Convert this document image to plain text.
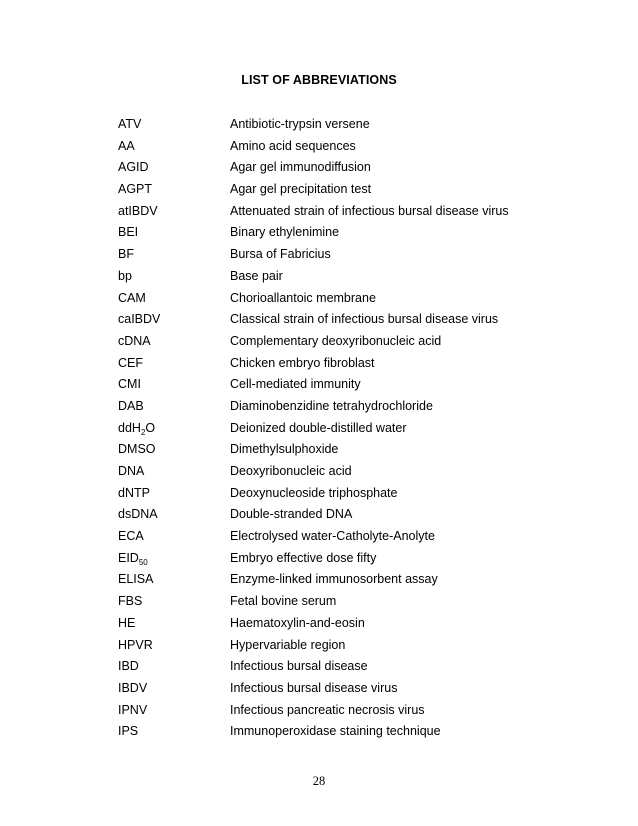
LIST OF ABBREVIATIONS
ATV	Antibiotic-trypsin versene
AA	Amino acid sequences
AGID	Agar gel immunodiffusion
AGPT	Agar gel precipitation test
atIBDV	Attenuated strain of infectious bursal disease virus
BEI	Binary ethylenimine
BF	Bursa of Fabricius
bp	Base pair
CAM	Chorioallantoic membrane
caIBDV	Classical strain of infectious bursal disease virus
cDNA	Complementary deoxyribonucleic acid
CEF	Chicken embryo fibroblast
CMI	Cell-mediated immunity
DAB	Diaminobenzidine tetrahydrochloride
ddH$_2$O	Deionized double-distilled water
DMSO	Dimethylsulphoxide
DNA	Deoxyribonucleic acid
dNTP	Deoxynucleoside triphosphate
dsDNA	Double-stranded DNA
ECA	Electrolysed water-Catholyte-Anolyte
$EID_{50}$	Embryo effective dose fifty
ELISA	Enzyme-linked immunosorbent assay
FBS	Fetal bovine serum
HE	Haematoxylin-and-eosin
HPVR	Hypervariable region
IBD	Infectious bursal disease
IBDV	Infectious bursal disease virus
IPNV	Infectious pancreatic necrosis virus
IPS	Immunoperoxidase staining technique
28
